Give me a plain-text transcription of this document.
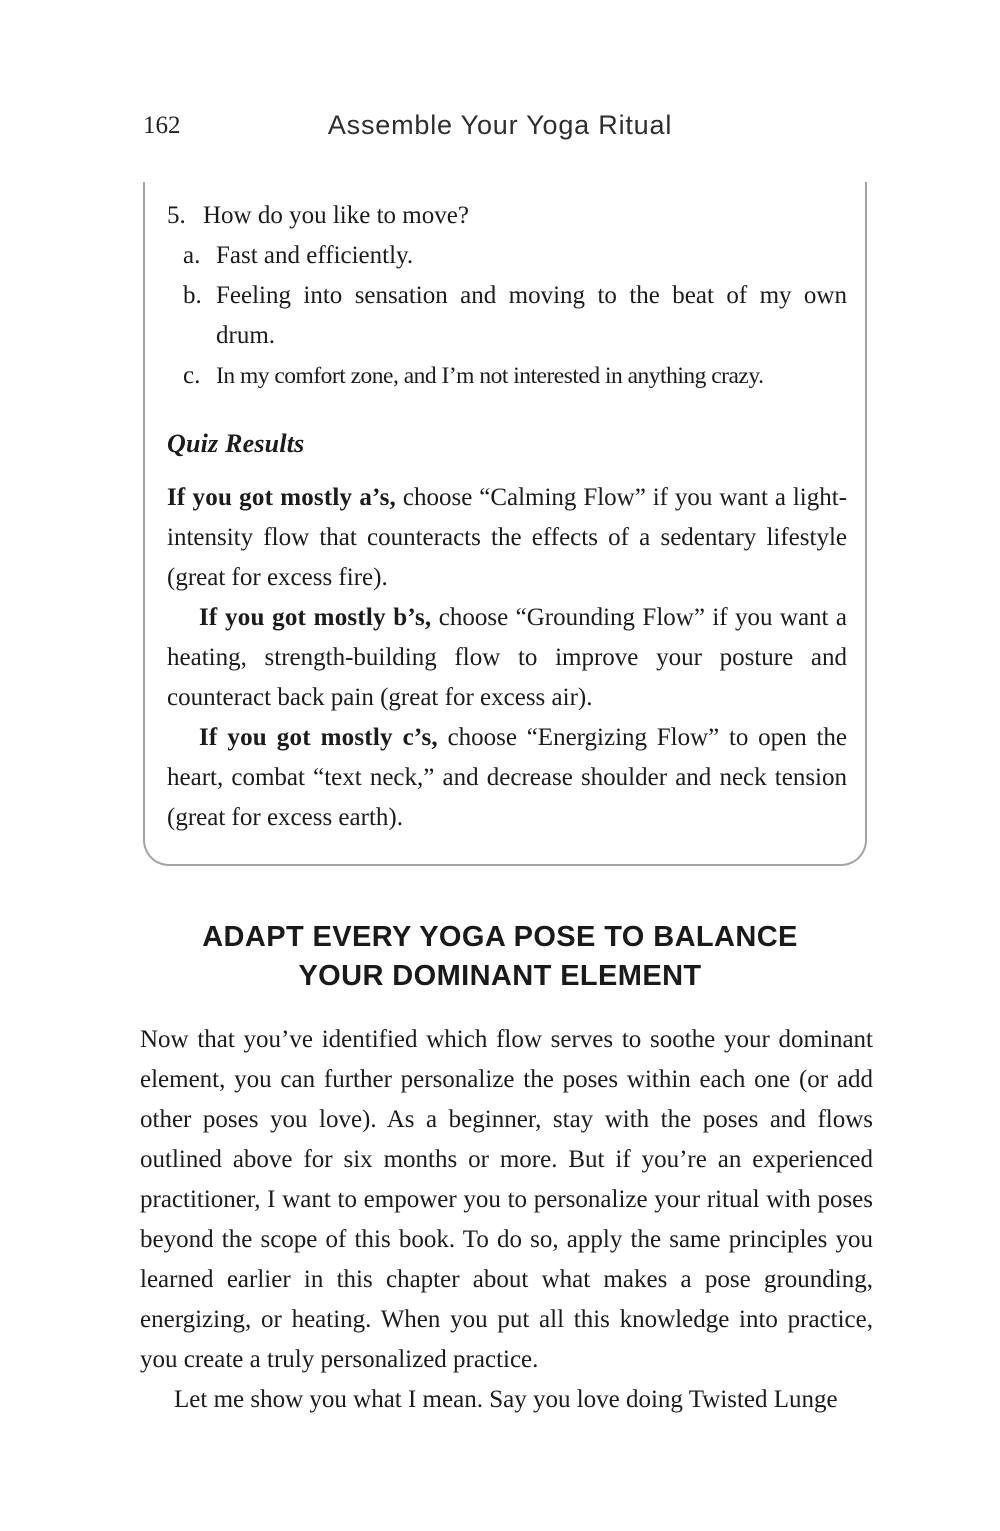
162	Assemble Your Yoga Ritual
5. How do you like to move?
a. Fast and efficiently.
b. Feeling into sensation and moving to the beat of my own drum.
c. In my comfort zone, and I’m not interested in anything crazy.
Quiz Results

If you got mostly a’s, choose “Calming Flow” if you want a light-intensity flow that counteracts the effects of a sedentary lifestyle (great for excess fire).

If you got mostly b’s, choose “Grounding Flow” if you want a heating, strength-building flow to improve your posture and counteract back pain (great for excess air).

If you got mostly c’s, choose “Energizing Flow” to open the heart, combat “text neck,” and decrease shoulder and neck tension (great for excess earth).

ADAPT EVERY YOGA POSE TO BALANCE
YOUR DOMINANT ELEMENT

Now that you’ve identified which flow serves to soothe your dominant element, you can further personalize the poses within each one (or add other poses you love). As a beginner, stay with the poses and flows outlined above for six months or more. But if you’re an experienced practitioner, I want to empower you to personalize your ritual with poses beyond the scope of this book. To do so, apply the same principles you learned earlier in this chapter about what makes a pose grounding, energizing, or heating. When you put all this knowledge into practice, you create a truly personalized practice.

Let me show you what I mean. Say you love doing Twisted Lunge
